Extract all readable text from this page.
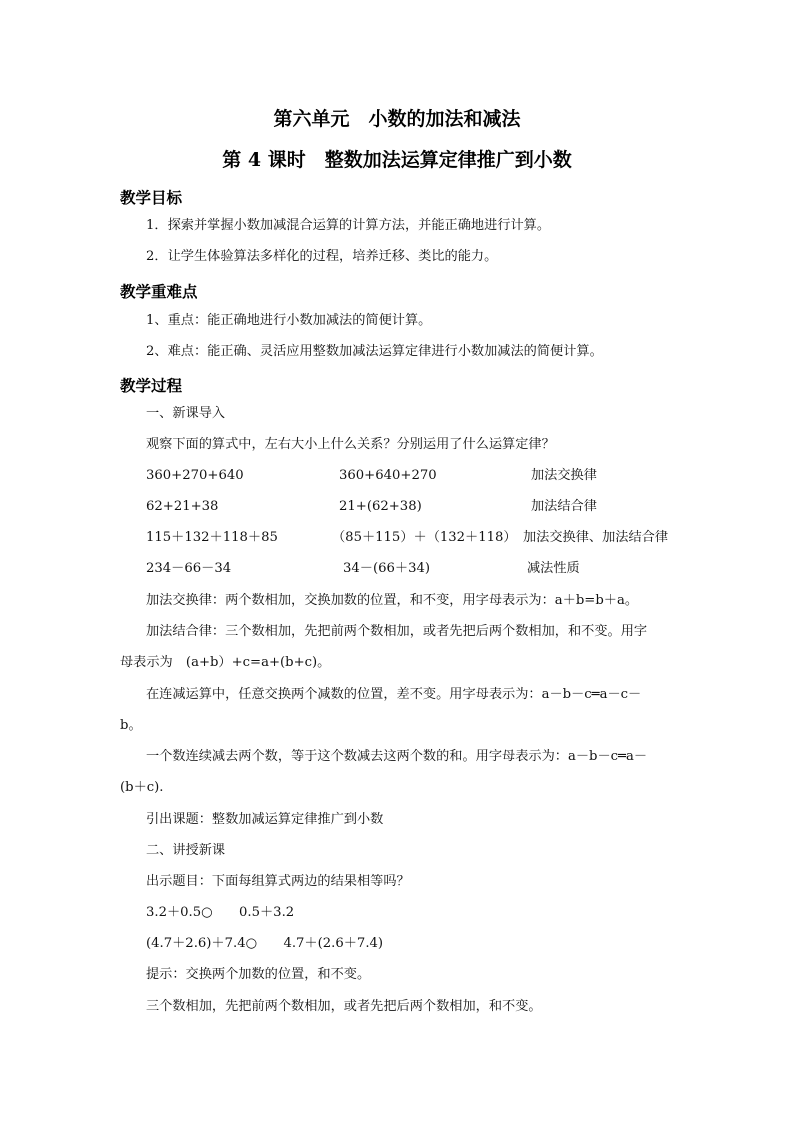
第六单元　小数的加法和减法
第 4 课时　整数加法运算定律推广到小数
教学目标
1．探索并掌握小数加减混合运算的计算方法，并能正确地进行计算。
2．让学生体验算法多样化的过程，培养迁移、类比的能力。
教学重难点
1、重点：能正确地进行小数加减法的简便计算。
2、难点：能正确、灵活应用整数加减法运算定律进行小数加减法的简便计算。
教学过程
一、新课导入
观察下面的算式中，左右大小上什么关系？分别运用了什么运算定律？
360+270+640	360+640+270	加法交换律
62+21+38	21+(62+38)	加法结合律
115＋132＋118＋85	（85＋115）＋（132＋118） 加法交换律、加法结合律
234－66－34	34－(66＋34)	减法性质
加法交换律：两个数相加，交换加数的位置，和不变，用字母表示为：a＋b=b＋a。
加法结合律：三个数相加，先把前两个数相加，或者先把后两个数相加，和不变。用字
母表示为　(a+b）+c=a+(b+c)。
在连减运算中，任意交换两个减数的位置，差不变。用字母表示为：a－b－c═a－c－
b。
一个数连续减去两个数，等于这个数减去这两个数的和。用字母表示为：a－b－c═a－
(b＋c).
引出课题：整数加减运算定律推广到小数
二、讲授新课
出示题目：下面每组算式两边的结果相等吗？
3.2＋0.5○　　0.5＋3.2
(4.7＋2.6)＋7.4○　　4.7＋(2.6＋7.4)
提示：交换两个加数的位置，和不变。
三个数相加，先把前两个数相加，或者先把后两个数相加，和不变。
